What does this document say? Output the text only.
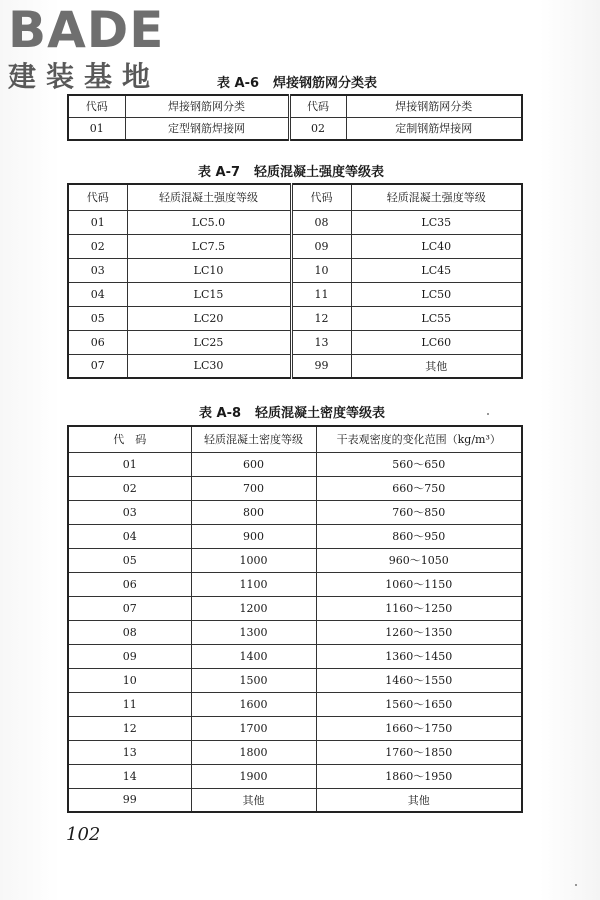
BADE
建装基地	表 A-6 焊接钢筋网分类表
代码	焊接钢筋网分类	代码	焊接钢筋网分类
01	定型钢筋焊接网	02	定制钢筋焊接网
表 A-7 轻质混凝土强度等级表
代码	轻质混凝土强度等级	代码	轻质混凝土强度等级
01	LC5.0	08	LC35
02	LC7.5	09	LC40
03	LC10	10	LC45
04	LC15	11	LC50
05	LC20	12	LC55
06	LC25	13	LC60
07	LC30	99	其他
表 A-8 轻质混凝土密度等级表
代　码	轻质混凝土密度等级	干表观密度的变化范围（kg/m³）
01	600	560～650
02	700	660～750
03	800	760～850
04	900	860～950
05	1000	960～1050
06	1100	1060～1150
07	1200	1160～1250
08	1300	1260～1350
09	1400	1360～1450
10	1500	1460～1550
11	1600	1560～1650
12	1700	1660～1750
13	1800	1760～1850
14	1900	1860～1950
99	其他	其他
102
